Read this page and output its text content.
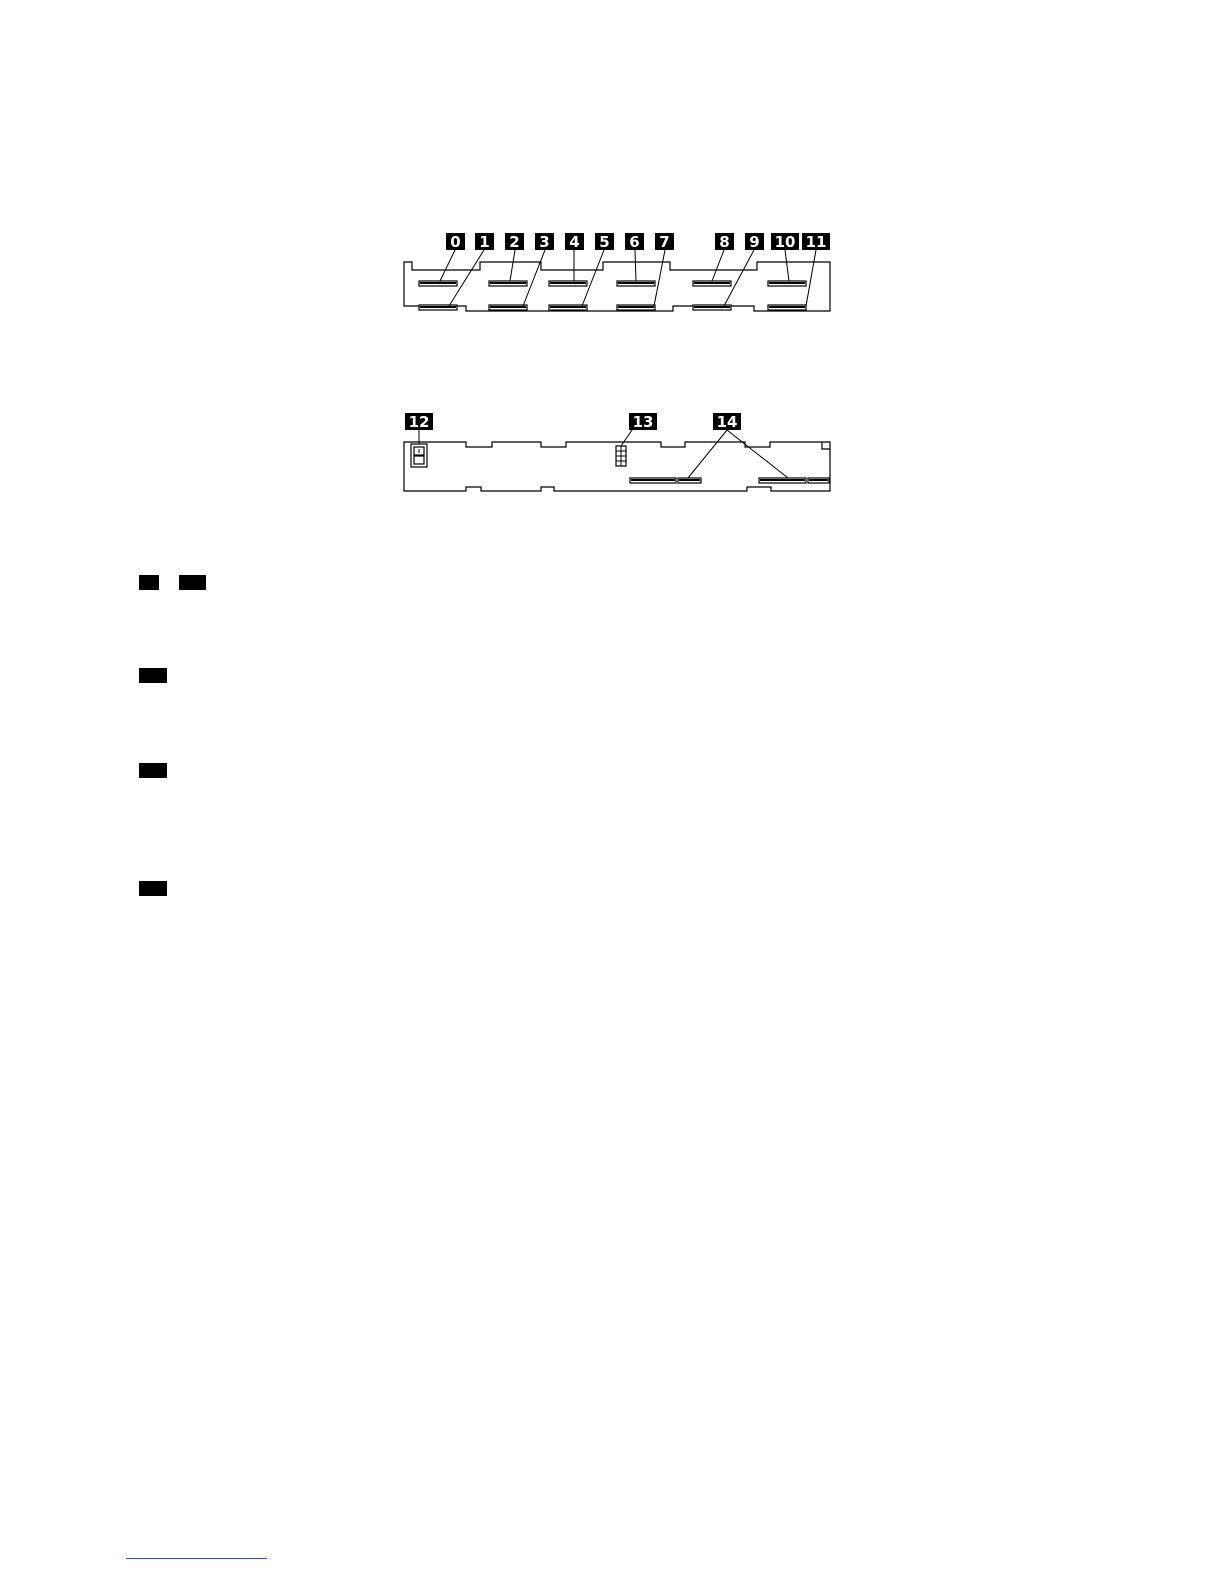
0 1 2 3 4 5 6 7	8 9 10 11
12	13	14
